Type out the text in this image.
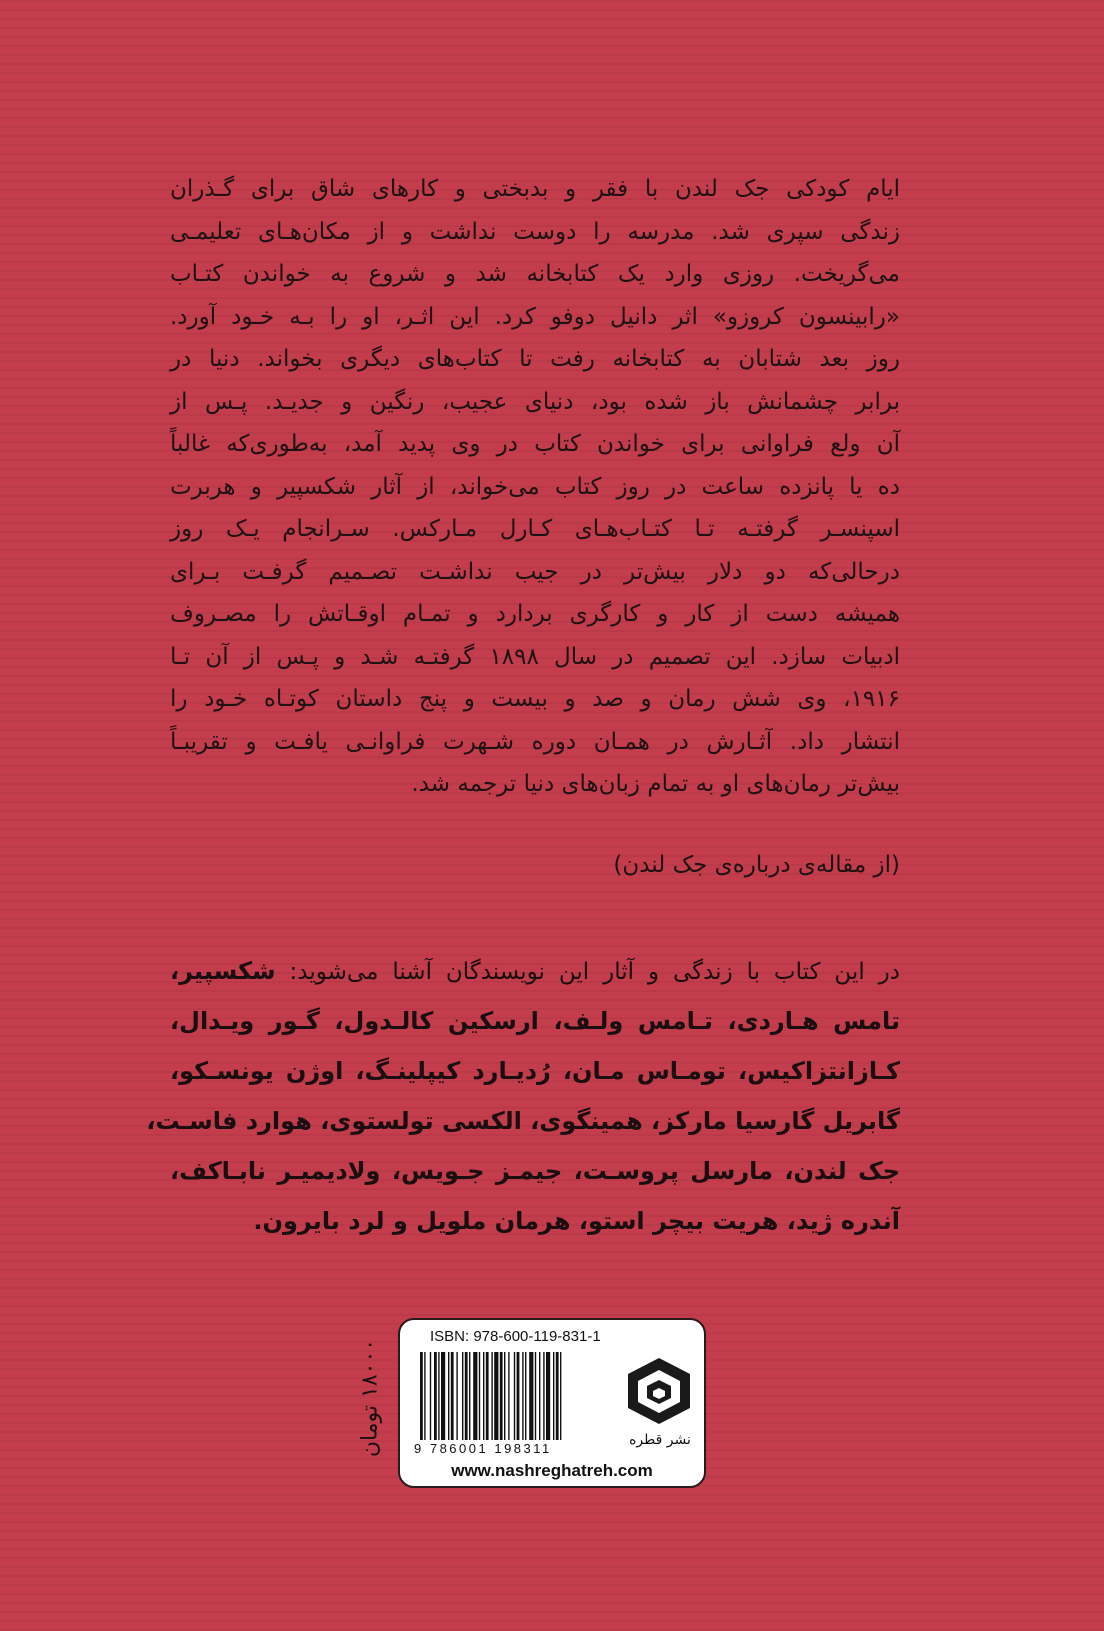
ایام کودکی جک لندن با فقر و بدبختی و کارهای شاق برای گـذران
زندگی سپری شد. مدرسه را دوست نداشت و از مکان‌هـای تعلیمـی
می‌گریخت. روزی وارد یک کتابخانه شد و شروع به خواندن کتـاب
«رابینسون کروزو» اثر دانیل دوفو کرد. این اثـر، او را بـه خـود آورد.
روز بعد شتابان به کتابخانه رفت تا کتاب‌های دیگری بخواند. دنیا در
برابر چشمانش باز شده بود، دنیای عجیب، رنگین و جدیـد. پـس از
آن ولع فراوانی برای خواندن کتاب در وی پدید آمد، به‌طوری‌که غالباً
ده یا پانزده ساعت در روز کتاب می‌خواند، از آثار شکسپیر و هربرت
اسپنسـر گرفتـه تـا کتـاب‌هـای کـارل مـارکس. سـرانجام یـک روز
درحالی‌که دو دلار بیش‌تر در جیب نداشـت تصـمیم گرفـت بـرای
همیشه دست از کار و کارگری بردارد و تمـام اوقـاتش را مصـروف
ادبیات سازد. این تصمیم در سال ۱۸۹۸ گرفتـه شـد و پـس از آن تـا
۱۹۱۶، وی شش رمان و صد و بیست و پنج داستان کوتـاه خـود را
انتشار داد. آثـارش در همـان دوره شـهرت فراوانـی یافـت و تقریبـاً
بیش‌تر رمان‌های او به تمام زبان‌های دنیا ترجمه شد.
(از مقاله‌ی درباره‌ی جک لندن)
در این کتاب با زندگی و آثار این نویسندگان آشنا می‌شوید: شکسپیر،
تامس هـاردی، تـامس ولـف، ارسکین کالـدول، گـور ویـدال،
کـازانتزاکیس، تومـاس مـان، رُدیـارد کیپلینـگ، اوژن یونسـکو،
گابریل گارسیا مارکز، همینگوی، الکسی تولستوی، هوارد فاسـت،
جک لندن، مارسل پروسـت، جیمـز جـویس، ولادیمیـر نابـاکف،
آندره ژید، هریت بیچر استو، هرمان ملویل و لرد بایرون.
۱۸۰۰۰ تومان
ISBN: 978-600-119-831-1
9 786001 198311
نشر قطره
www.nashreghatreh.com
